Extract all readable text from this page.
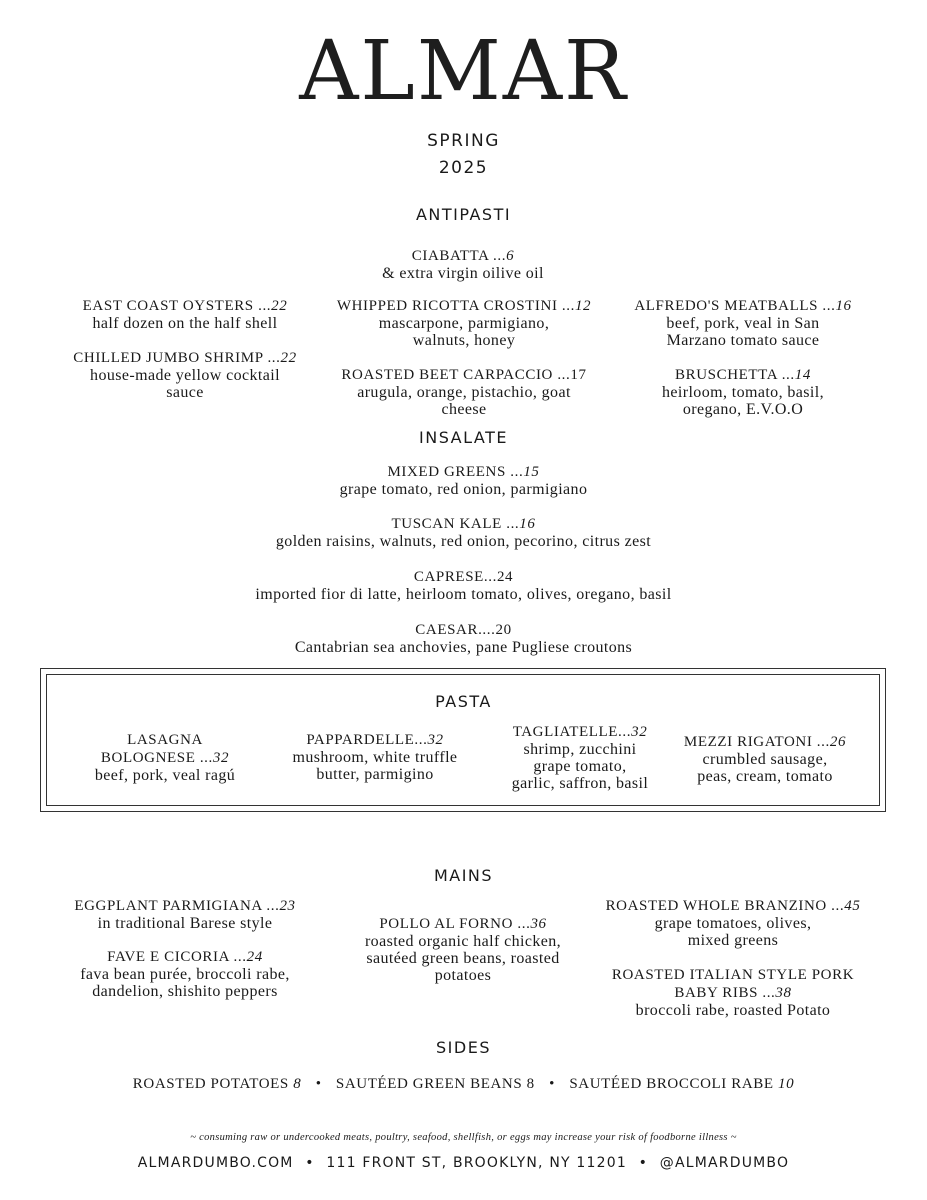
ALMAR
SPRING
2025
ANTIPASTI
CIABATTA ...6
& extra virgin oilive oil
EAST COAST OYSTERS ...22
half dozen on the half shell
CHILLED JUMBO SHRIMP ...22
house-made yellow cocktail
sauce
WHIPPED RICOTTA CROSTINI ...12
mascarpone, parmigiano,
walnuts, honey
ROASTED BEET CARPACCIO ...17
arugula, orange, pistachio, goat
cheese
ALFREDO'S MEATBALLS ...16
beef, pork, veal in San
Marzano tomato sauce
BRUSCHETTA ...14
heirloom, tomato, basil,
oregano, E.V.O.O
INSALATE
MIXED GREENS ...15
grape tomato, red onion, parmigiano
TUSCAN KALE ...16
golden raisins, walnuts, red onion, pecorino, citrus zest
CAPRESE...24
imported fior di latte, heirloom tomato, olives, oregano, basil
CAESAR....20
Cantabrian sea anchovies, pane Pugliese croutons
PASTA
LASAGNA
BOLOGNESE ...32
beef, pork, veal ragú
PAPPARDELLE...32
mushroom, white truffle
butter, parmigino
TAGLIATELLE...32
shrimp, zucchini
grape tomato,
garlic, saffron, basil
MEZZI RIGATONI ...26
crumbled sausage,
peas, cream, tomato
MAINS
EGGPLANT PARMIGIANA ...23
in traditional Barese style
FAVE E CICORIA ...24
fava bean purée, broccoli rabe,
dandelion, shishito peppers
POLLO AL FORNO ...36
roasted organic half chicken,
sautéed green beans, roasted
potatoes
ROASTED WHOLE BRANZINO ...45
grape tomatoes, olives,
mixed greens
ROASTED ITALIAN STYLE PORK
BABY RIBS ...38
broccoli rabe, roasted Potato
SIDES
ROASTED POTATOES 8 • SAUTÉED GREEN BEANS 8 • SAUTÉED BROCCOLI RABE 10
~ consuming raw or undercooked meats, poultry, seafood, shellfish, or eggs may increase your risk of foodborne illness ~
ALMARDUMBO.COM • 111 FRONT ST, BROOKLYN, NY 11201 • @ALMARDUMBO
